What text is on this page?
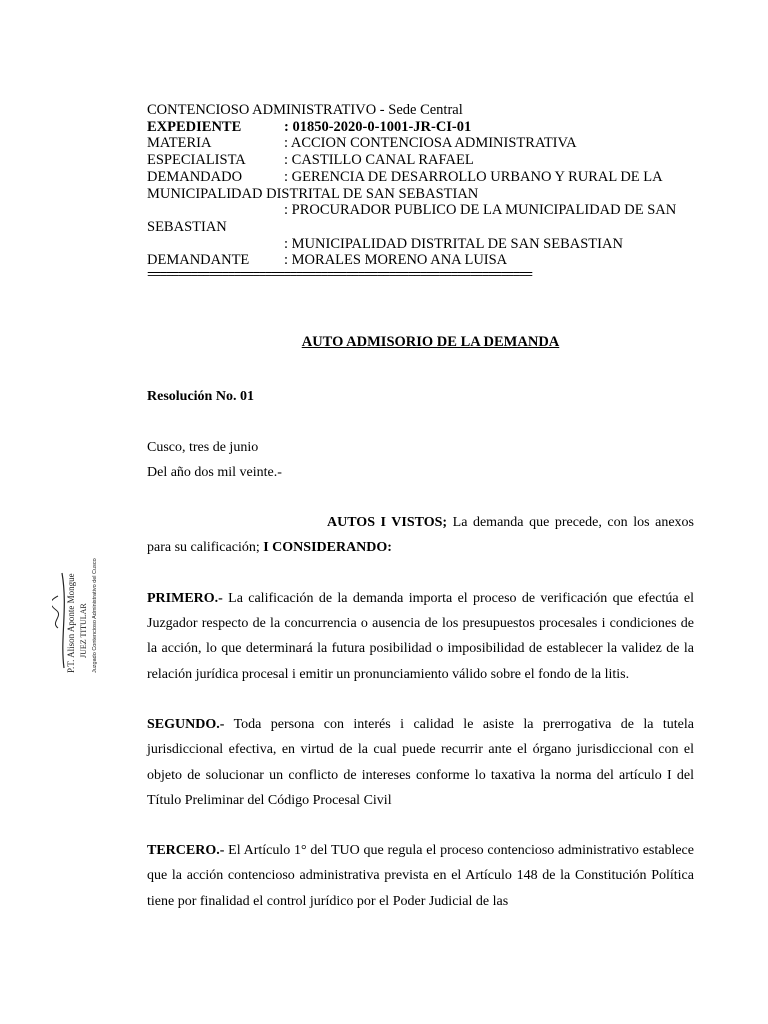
CONTENCIOSO ADMINISTRATIVO - Sede Central
EXPEDIENTE	: 01850-2020-0-1001-JR-CI-01
MATERIA	: ACCION CONTENCIOSA ADMINISTRATIVA
ESPECIALISTA	: CASTILLO CANAL RAFAEL
DEMANDADO	: GERENCIA DE DESARROLLO URBANO Y RURAL DE LA MUNICIPALIDAD DISTRITAL DE SAN SEBASTIAN
: PROCURADOR PUBLICO DE LA MUNICIPALIDAD DE SAN SEBASTIAN
: MUNICIPALIDAD DISTRITAL DE SAN SEBASTIAN
DEMANDANTE : MORALES MORENO ANA LUISA
==============================================================

AUTO ADMISORIO DE LA DEMANDA

Resolución No. 01

Cusco, tres de junio

Del año dos mil veinte.-

AUTOS I VISTOS; La demanda que precede, con los anexos para su calificación; I CONSIDERANDO:

PRIMERO.- La calificación de la demanda importa el proceso de verificación que efectúa el Juzgador respecto de la concurrencia o ausencia de los presupuestos procesales i condiciones de la acción, lo que determinará la futura posibilidad o imposibilidad de establecer la validez de la relación jurídica procesal i emitir un pronunciamiento válido sobre el fondo de la litis.

SEGUNDO.- Toda persona con interés i calidad le asiste la prerrogativa de la tutela jurisdiccional efectiva, en virtud de la cual puede recurrir ante el órgano jurisdiccional con el objeto de solucionar un conflicto de intereses conforme lo taxativa la norma del artículo I del Título Preliminar del Código Procesal Civil

TERCERO.- El Artículo 1° del TUO que regula el proceso contencioso administrativo establece que la acción contencioso administrativa prevista en el Artículo 148 de la Constitución Política tiene por finalidad el control jurídico por el Poder Judicial de las

P.T. Alison Aponte Mongue JUEZ TITULAR Juzgado Contencioso Administrativo del Cusco
